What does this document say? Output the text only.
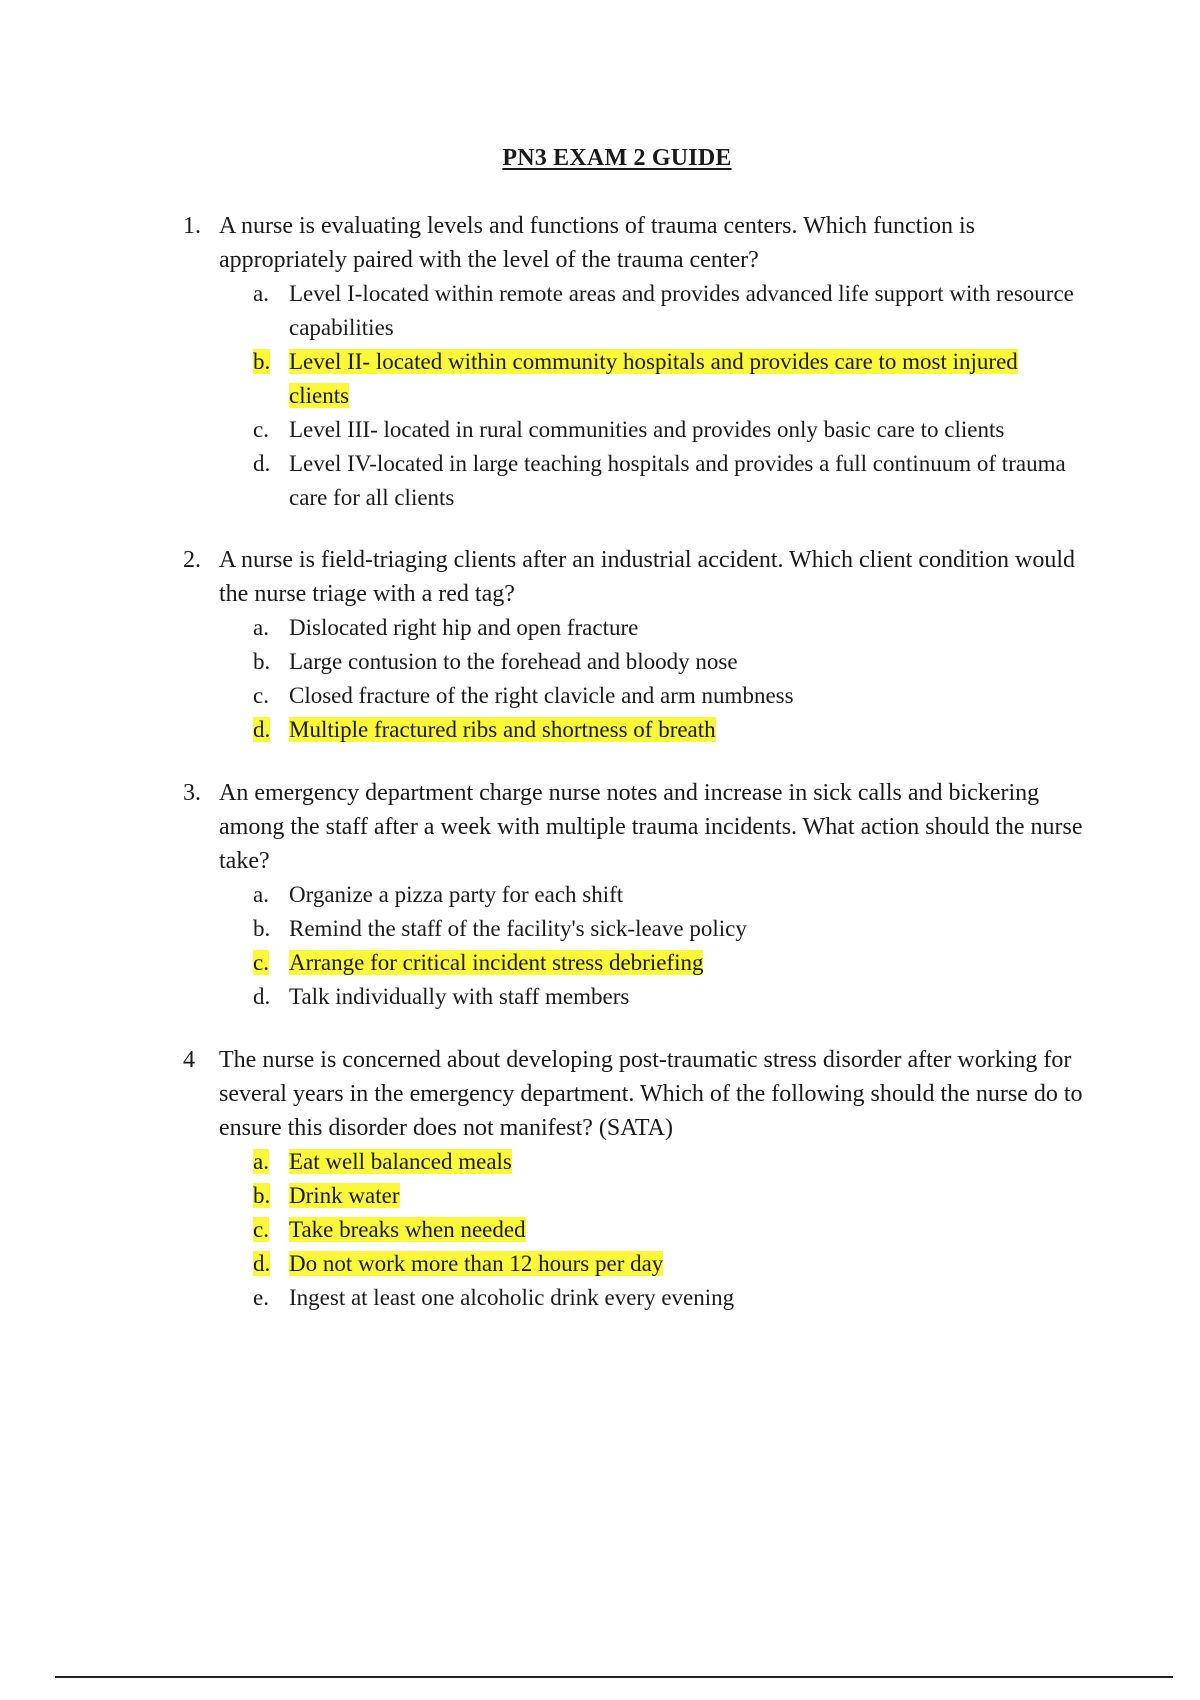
PN3 EXAM 2 GUIDE
1. A nurse is evaluating levels and functions of trauma centers. Which function is appropriately paired with the level of the trauma center?
a. Level I-located within remote areas and provides advanced life support with resource capabilities
b. Level II- located within community hospitals and provides care to most injured clients
c. Level III- located in rural communities and provides only basic care to clients
d. Level IV-located in large teaching hospitals and provides a full continuum of trauma care for all clients
2. A nurse is field-triaging clients after an industrial accident. Which client condition would the nurse triage with a red tag?
a. Dislocated right hip and open fracture
b. Large contusion to the forehead and bloody nose
c. Closed fracture of the right clavicle and arm numbness
d. Multiple fractured ribs and shortness of breath
3. An emergency department charge nurse notes and increase in sick calls and bickering among the staff after a week with multiple trauma incidents. What action should the nurse take?
a. Organize a pizza party for each shift
b. Remind the staff of the facility's sick-leave policy
c. Arrange for critical incident stress debriefing
d. Talk individually with staff members
4	The nurse is concerned about developing post-traumatic stress disorder after working for several years in the emergency department. Which of the following should the nurse do to ensure this disorder does not manifest? (SATA)
a. Eat well balanced meals
b. Drink water
c. Take breaks when needed
d. Do not work more than 12 hours per day
e. Ingest at least one alcoholic drink every evening
